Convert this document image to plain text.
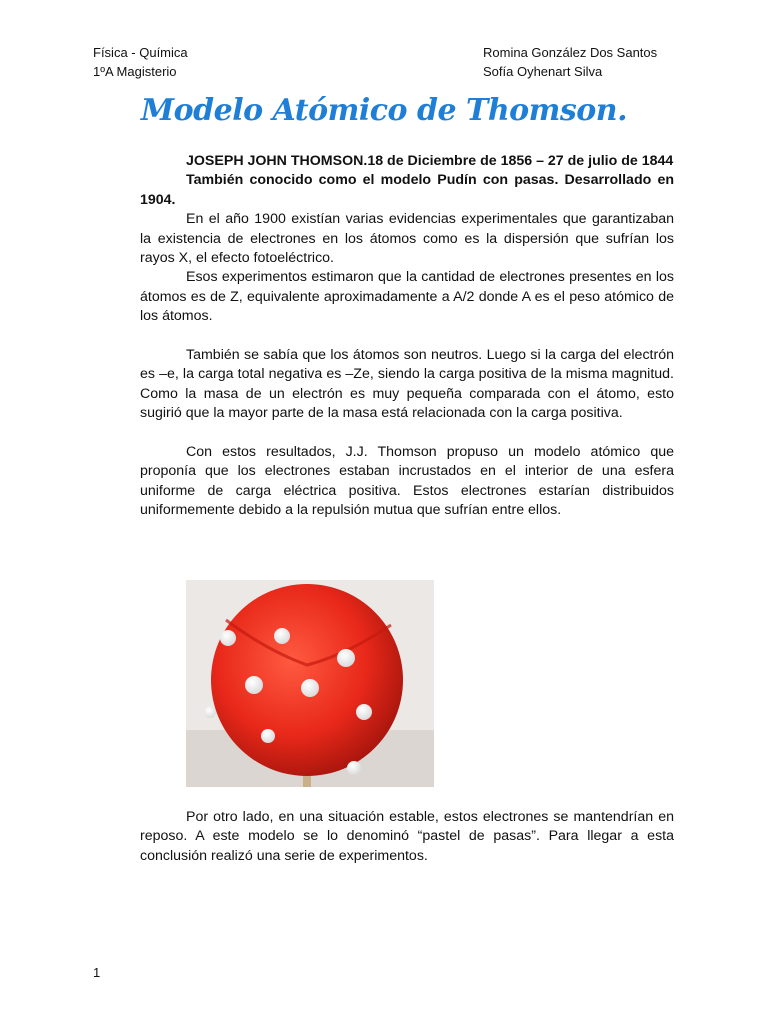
Física - Química
1ºA Magisterio
Romina González Dos Santos
Sofía Oyhenart Silva
Modelo Atómico de Thomson.

JOSEPH JOHN THOMSON.18 de Diciembre de 1856 – 27 de julio de 1844

También conocido como el modelo Pudín con pasas. Desarrollado en 1904.

En el año 1900 existían varias evidencias experimentales que garantizaban la existencia de electrones en los átomos como es la dispersión que sufrían los rayos X, el efecto fotoeléctrico.

Esos experimentos estimaron que la cantidad de electrones presentes en los átomos es de Z, equivalente aproximadamente a A/2 donde A es el peso atómico de los átomos.

También se sabía que los átomos son neutros. Luego si la carga del electrón es –e, la carga total negativa es –Ze, siendo la carga positiva de la misma magnitud. Como la masa de un electrón es muy pequeña comparada con el átomo, esto sugirió que la mayor parte de la masa está relacionada con la carga positiva.

Con estos resultados, J.J. Thomson propuso un modelo atómico que proponía que los electrones estaban incrustados en el interior de una esfera uniforme de carga eléctrica positiva. Estos electrones estarían distribuidos uniformemente debido a la repulsión mutua que sufrían entre ellos.

Por otro lado, en una situación estable, estos electrones se mantendrían en reposo. A este modelo se lo denominó “pastel de pasas”. Para llegar a esta conclusión realizó una serie de experimentos.

1
